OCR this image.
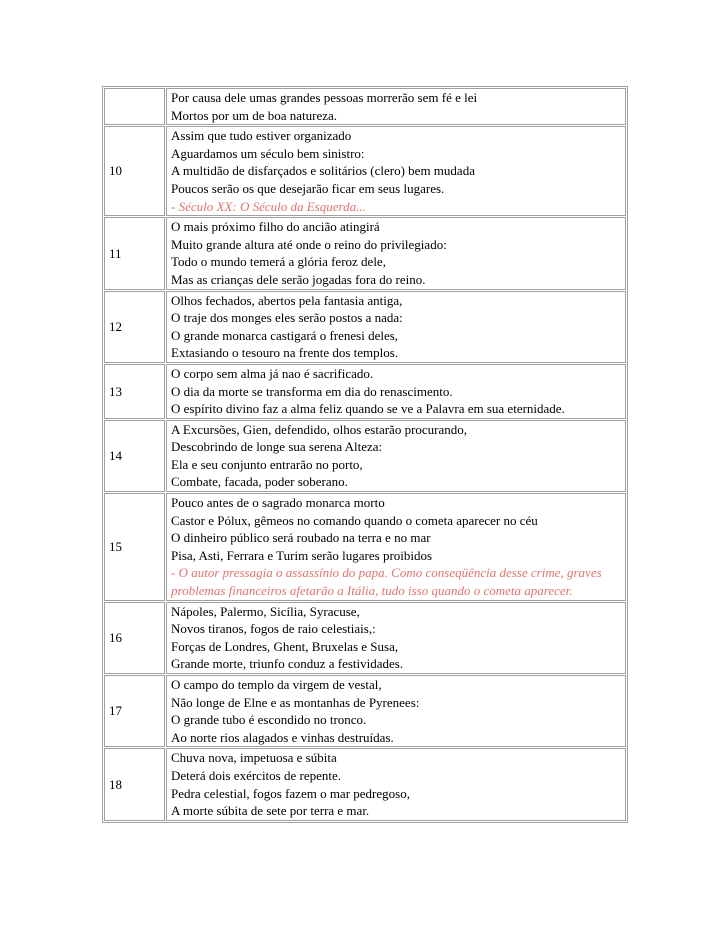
	Por causa dele umas grandes pessoas morrerão sem fé e lei
Mortos por um de boa natureza.

10	Assim que tudo estiver organizado
Aguardamos um século bem sinistro:
A multidão de disfarçados e solitários (clero) bem mudada
Poucos serão os que desejarão ficar em seus lugares.
- Século XX: O Século da Esquerda...

11	O mais próximo filho do ancião atingirá
Muito grande altura até onde o reino do privilegiado:
Todo o mundo temerá a glória feroz dele,
Mas as crianças dele serão jogadas fora do reino.

12	Olhos fechados, abertos pela fantasia antiga,
O traje dos monges eles serão postos a nada:
O grande monarca castigará o frenesi deles,
Extasiando o tesouro na frente dos templos.

13	O corpo sem alma já nao é sacrificado.
O dia da morte se transforma em dia do renascimento.
O espírito divino faz a alma feliz quando se ve a Palavra em sua eternidade.

14	A Excursões, Gien, defendido, olhos estarão procurando,
Descobrindo de longe sua serena Alteza:
Ela e seu conjunto entrarão no porto,
Combate, facada, poder soberano.

15	Pouco antes de o sagrado monarca morto
Castor e Pólux, gêmeos no comando quando o cometa aparecer no céu
O dinheiro público será roubado na terra e no mar
Pisa, Asti, Ferrara e Turim serão lugares proibidos
- O autor pressagia o assassínio do papa. Como conseqüência desse crime, graves problemas financeiros afetarão a Itália, tudo isso quando o cometa aparecer.

16	Nápoles, Palermo, Sicília, Syracuse,
Novos tiranos, fogos de raio celestiais,:
Forças de Londres, Ghent, Bruxelas e Susa,
Grande morte, triunfo conduz a festividades.

17	O campo do templo da virgem de vestal,
Não longe de Elne e as montanhas de Pyrenees:
O grande tubo é escondido no tronco.
Ao norte rios alagados e vinhas destruídas.

18	Chuva nova, impetuosa e súbita
Deterá dois exércitos de repente.
Pedra celestial, fogos fazem o mar pedregoso,
A morte súbita de sete por terra e mar.
